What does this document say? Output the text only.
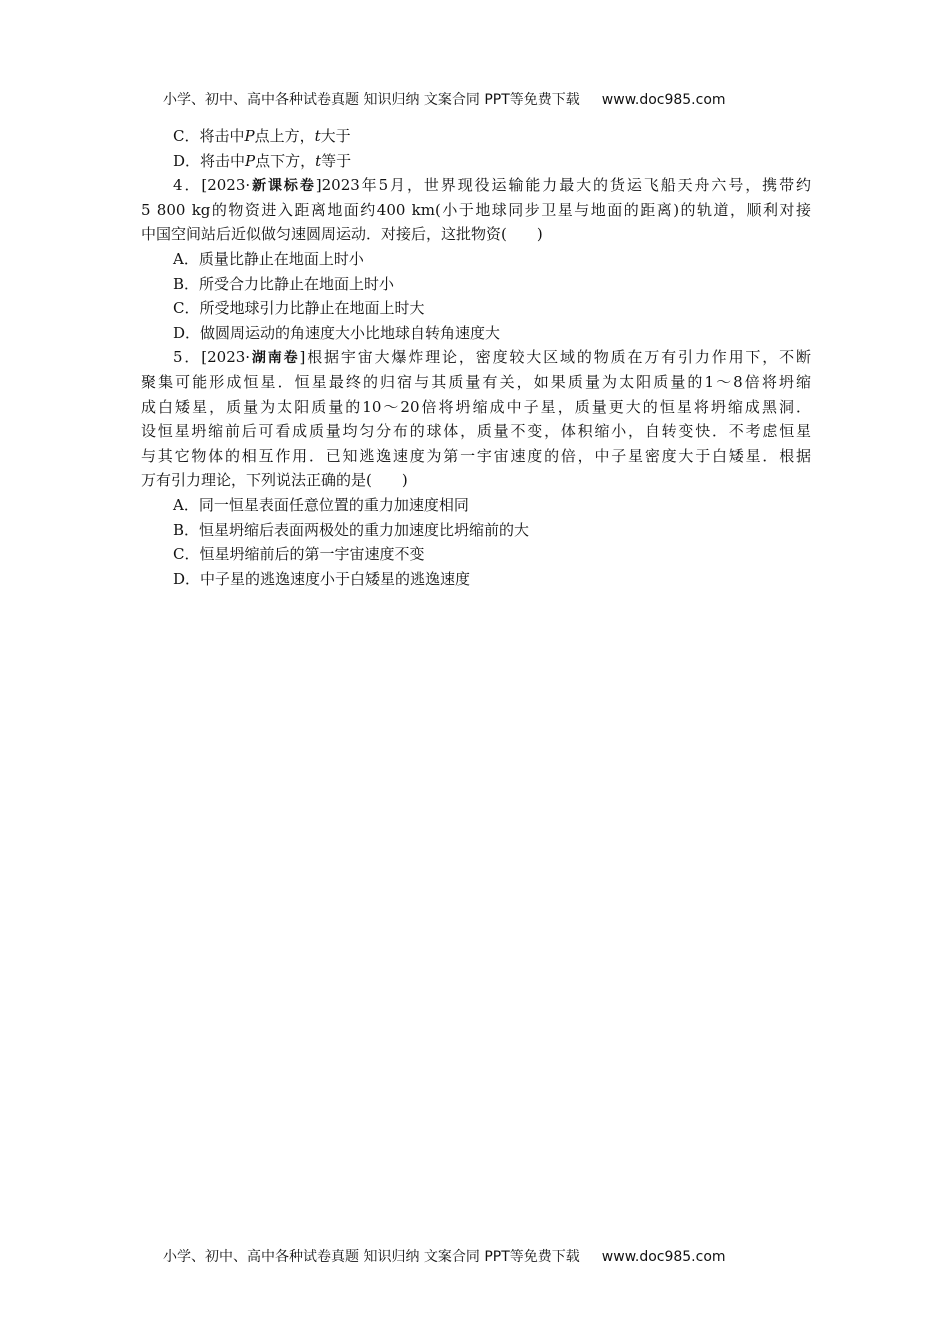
小学、初中、高中各种试卷真题 知识归纳 文案合同 PPT等免费下载 www.doc985.com
C．将击中P点上方，t大于
D．将击中P点下方，t等于
4．[2023·新课标卷]2023年5月，世界现役运输能力最大的货运飞船天舟六号，携带约
5 800 kg的物资进入距离地面约400 km(小于地球同步卫星与地面的距离)的轨道，顺利对接
中国空间站后近似做匀速圆周运动．对接后，这批物资(　　)
A．质量比静止在地面上时小
B．所受合力比静止在地面上时小
C．所受地球引力比静止在地面上时大
D．做圆周运动的角速度大小比地球自转角速度大
5．[2023·湖南卷]根据宇宙大爆炸理论，密度较大区域的物质在万有引力作用下，不断
聚集可能形成恒星．恒星最终的归宿与其质量有关，如果质量为太阳质量的1～8倍将坍缩
成白矮星，质量为太阳质量的10～20倍将坍缩成中子星，质量更大的恒星将坍缩成黑洞．
设恒星坍缩前后可看成质量均匀分布的球体，质量不变，体积缩小，自转变快．不考虑恒星
与其它物体的相互作用．已知逃逸速度为第一宇宙速度的倍，中子星密度大于白矮星．根据
万有引力理论，下列说法正确的是(　　)
A．同一恒星表面任意位置的重力加速度相同
B．恒星坍缩后表面两极处的重力加速度比坍缩前的大
C．恒星坍缩前后的第一宇宙速度不变
D．中子星的逃逸速度小于白矮星的逃逸速度
小学、初中、高中各种试卷真题 知识归纳 文案合同 PPT等免费下载 www.doc985.com
